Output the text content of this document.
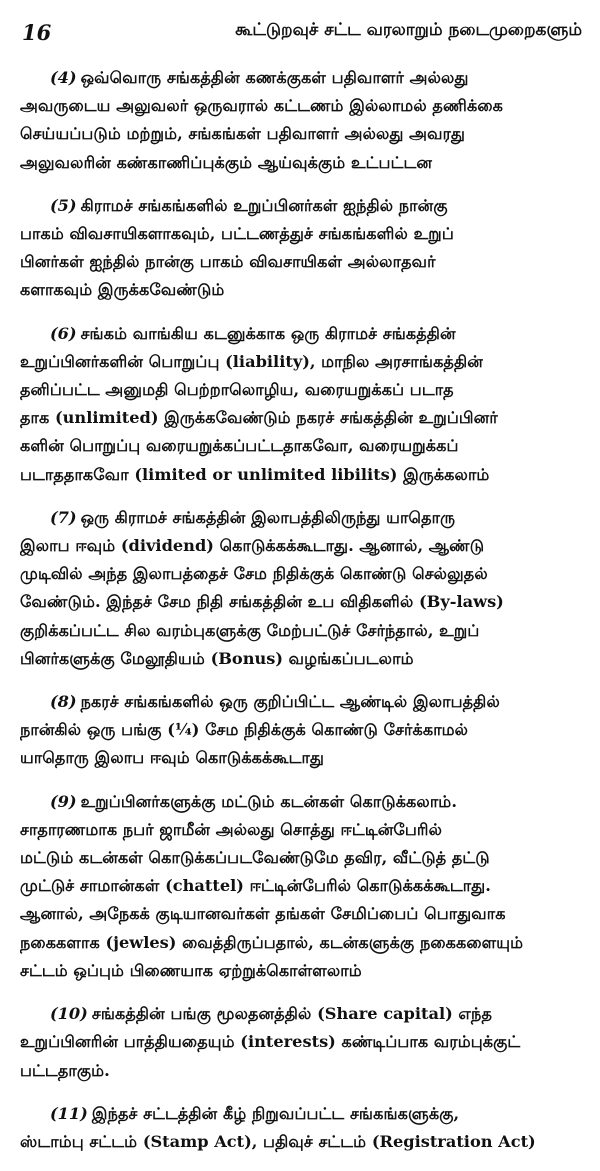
16	கூட்டுறவுச் சட்ட வரலாறும் நடைமுறைகளும்
(4) ஒவ்வொரு சங்கத்தின் கணக்குகள் பதிவாளர் அல்லது
அவருடைய அலுவலர் ஒருவரால் கட்டணம் இல்லாமல் தணிக்கை
செய்யப்படும் மற்றும், சங்கங்கள் பதிவாளர் அல்லது அவரது
அலுவலரின் கண்காணிப்புக்கும் ஆய்வுக்கும் உட்பட்டன
(5) கிராமச் சங்கங்களில் உறுப்பினர்கள் ஐந்தில் நான்கு
பாகம் விவசாயிகளாகவும், பட்டணத்துச் சங்கங்களில் உறுப்
பினர்கள் ஐந்தில் நான்கு பாகம் விவசாயிகள் அல்லாதவர்
களாகவும் இருக்கவேண்டும்
(6) சங்கம் வாங்கிய கடனுக்காக ஒரு கிராமச் சங்கத்தின்
உறுப்பினர்களின் பொறுப்பு (liability), மாநில அரசாங்கத்தின்
தனிப்பட்ட அனுமதி பெற்றாலொழிய, வரையறுக்கப் படாத
தாக (unlimited) இருக்கவேண்டும் நகரச் சங்கத்தின் உறுப்பினர்
களின் பொறுப்பு வரையறுக்கப்பட்டதாகவோ, வரையறுக்கப்
படாததாகவோ (limited or unlimited libilits) இருக்கலாம்
(7) ஒரு கிராமச் சங்கத்தின் இலாபத்திலிருந்து யாதொரு
இலாப ஈவும் (dividend) கொடுக்கக்கூடாது. ஆனால், ஆண்டு
முடிவில் அந்த இலாபத்தைச் சேம நிதிக்குக் கொண்டு செல்லுதல்
வேண்டும். இந்தச் சேம நிதி சங்கத்தின் உப விதிகளில் (By-laws)
குறிக்கப்பட்ட சில வரம்புகளுக்கு மேற்பட்டுச் சேர்ந்தால், உறுப்
பினர்களுக்கு மேலூதியம் (Bonus) வழங்கப்படலாம்
(8) நகரச் சங்கங்களில் ஒரு குறிப்பிட்ட ஆண்டில் இலாபத்தில்
நான்கில் ஒரு பங்கு (¼) சேம நிதிக்குக் கொண்டு சேர்க்காமல்
யாதொரு இலாப ஈவும் கொடுக்கக்கூடாது
(9) உறுப்பினர்களுக்கு மட்டும் கடன்கள் கொடுக்கலாம்.
சாதாரணமாக நபர் ஜாமீன் அல்லது சொத்து ஈட்டின்பேரில்
மட்டும் கடன்கள் கொடுக்கப்படவேண்டுமே தவிர, வீட்டுத் தட்டு
முட்டுச் சாமான்கள் (chattel) ஈட்டின்பேரில் கொடுக்கக்கூடாது.
ஆனால், அநேகக் குடியானவர்கள் தங்கள் சேமிப்பைப் பொதுவாக
நகைகளாக (jewles) வைத்திருப்பதால், கடன்களுக்கு நகைகளையும்
சட்டம் ஒப்பும் பிணையாக ஏற்றுக்கொள்ளலாம்
(10) சங்கத்தின் பங்கு மூலதனத்தில் (Share capital) எந்த
உறுப்பினரின் பாத்தியதையும் (interests) கண்டிப்பாக வரம்புக்குட்
பட்டதாகும்.
(11) இந்தச் சட்டத்தின் கீழ் நிறுவப்பட்ட சங்கங்களுக்கு,
ஸ்டாம்பு சட்டம் (Stamp Act), பதிவுச் சட்டம் (Registration Act)
